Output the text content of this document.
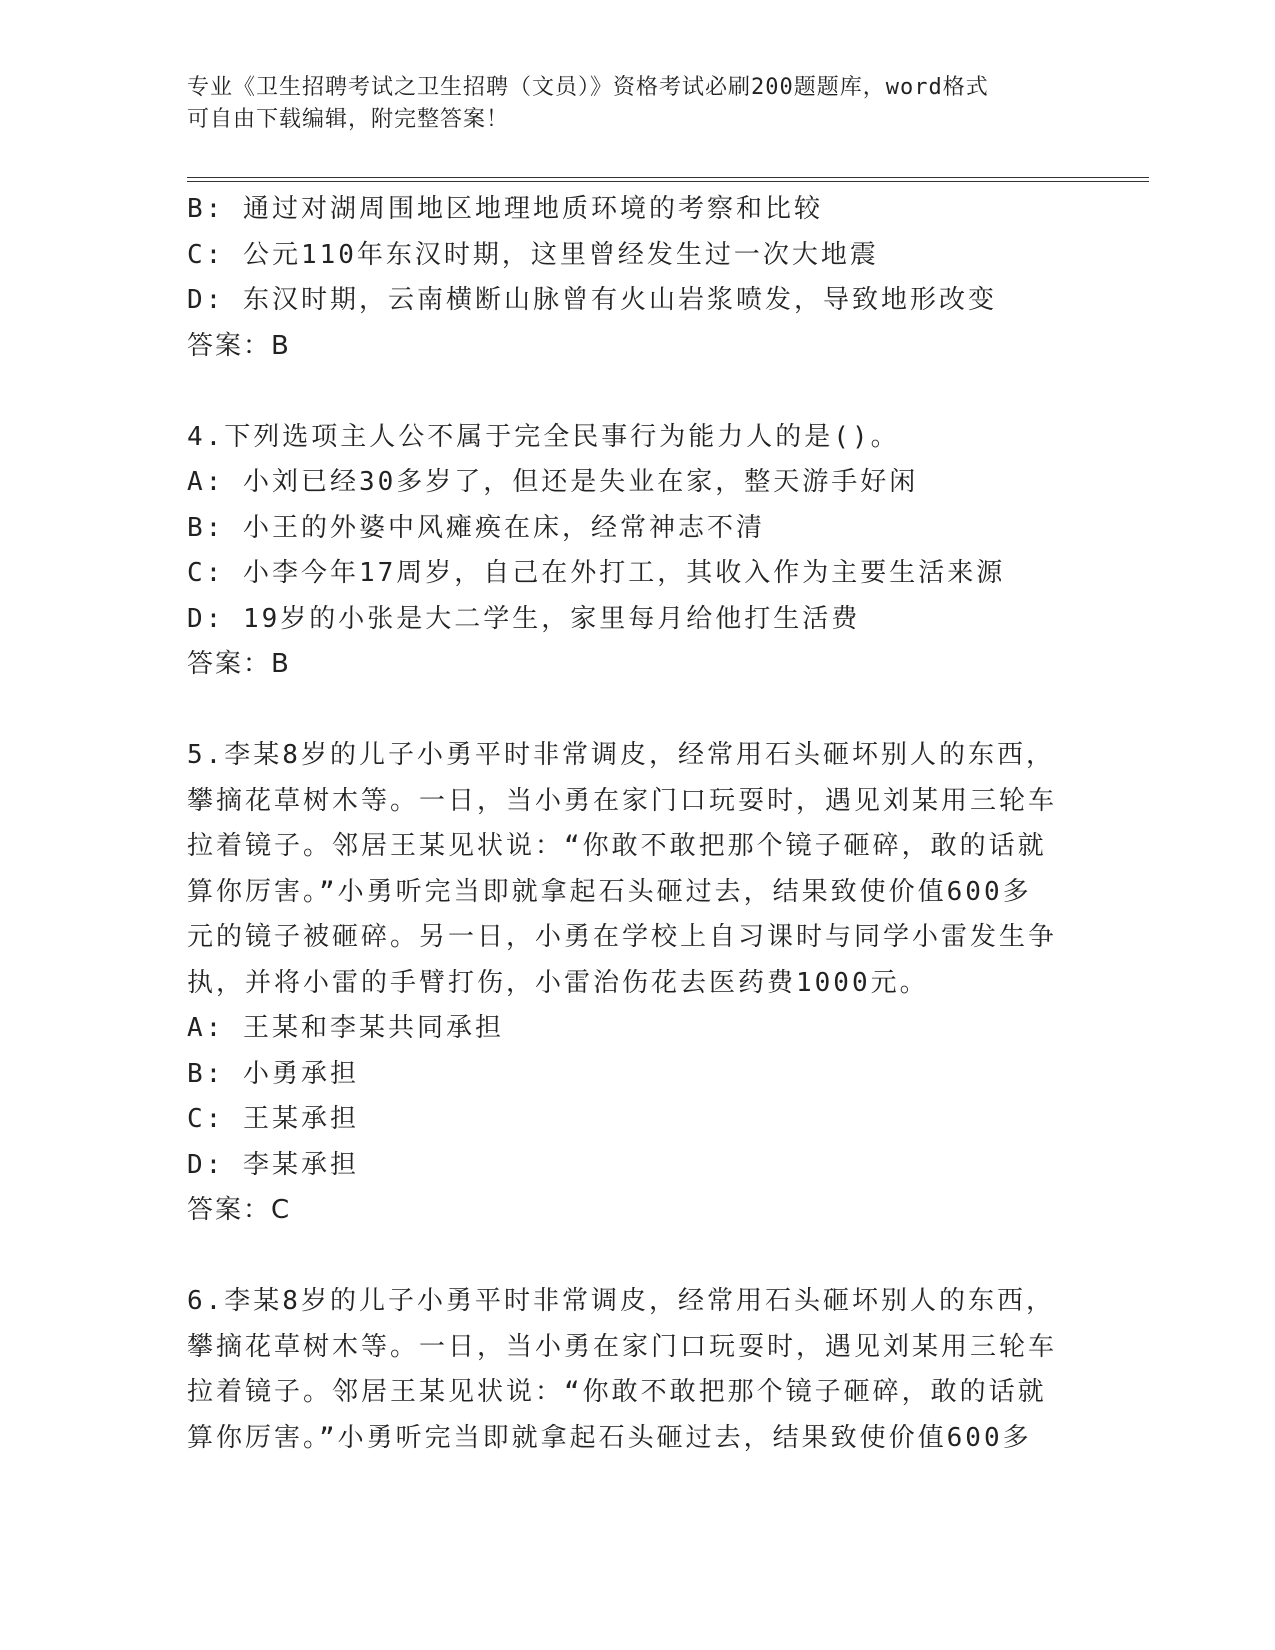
专业《卫生招聘考试之卫生招聘（文员）》资格考试必刷200题题库，word格式
可自由下载编辑，附完整答案！
B: 通过对湖周围地区地理地质环境的考察和比较
C: 公元110年东汉时期，这里曾经发生过一次大地震
D: 东汉时期，云南横断山脉曾有火山岩浆喷发，导致地形改变
答案：B
4.下列选项主人公不属于完全民事行为能力人的是()。
A: 小刘已经30多岁了，但还是失业在家，整天游手好闲
B: 小王的外婆中风瘫痪在床，经常神志不清
C: 小李今年17周岁，自己在外打工，其收入作为主要生活来源
D: 19岁的小张是大二学生，家里每月给他打生活费
答案：B
5.李某8岁的儿子小勇平时非常调皮，经常用石头砸坏别人的东西，
攀摘花草树木等。一日，当小勇在家门口玩耍时，遇见刘某用三轮车
拉着镜子。邻居王某见状说：“你敢不敢把那个镜子砸碎，敢的话就
算你厉害。”小勇听完当即就拿起石头砸过去，结果致使价值600多
元的镜子被砸碎。另一日，小勇在学校上自习课时与同学小雷发生争
执，并将小雷的手臂打伤，小雷治伤花去医药费1000元。
A: 王某和李某共同承担
B: 小勇承担
C: 王某承担
D: 李某承担
答案：C
6.李某8岁的儿子小勇平时非常调皮，经常用石头砸坏别人的东西，
攀摘花草树木等。一日，当小勇在家门口玩耍时，遇见刘某用三轮车
拉着镜子。邻居王某见状说：“你敢不敢把那个镜子砸碎，敢的话就
算你厉害。”小勇听完当即就拿起石头砸过去，结果致使价值600多
